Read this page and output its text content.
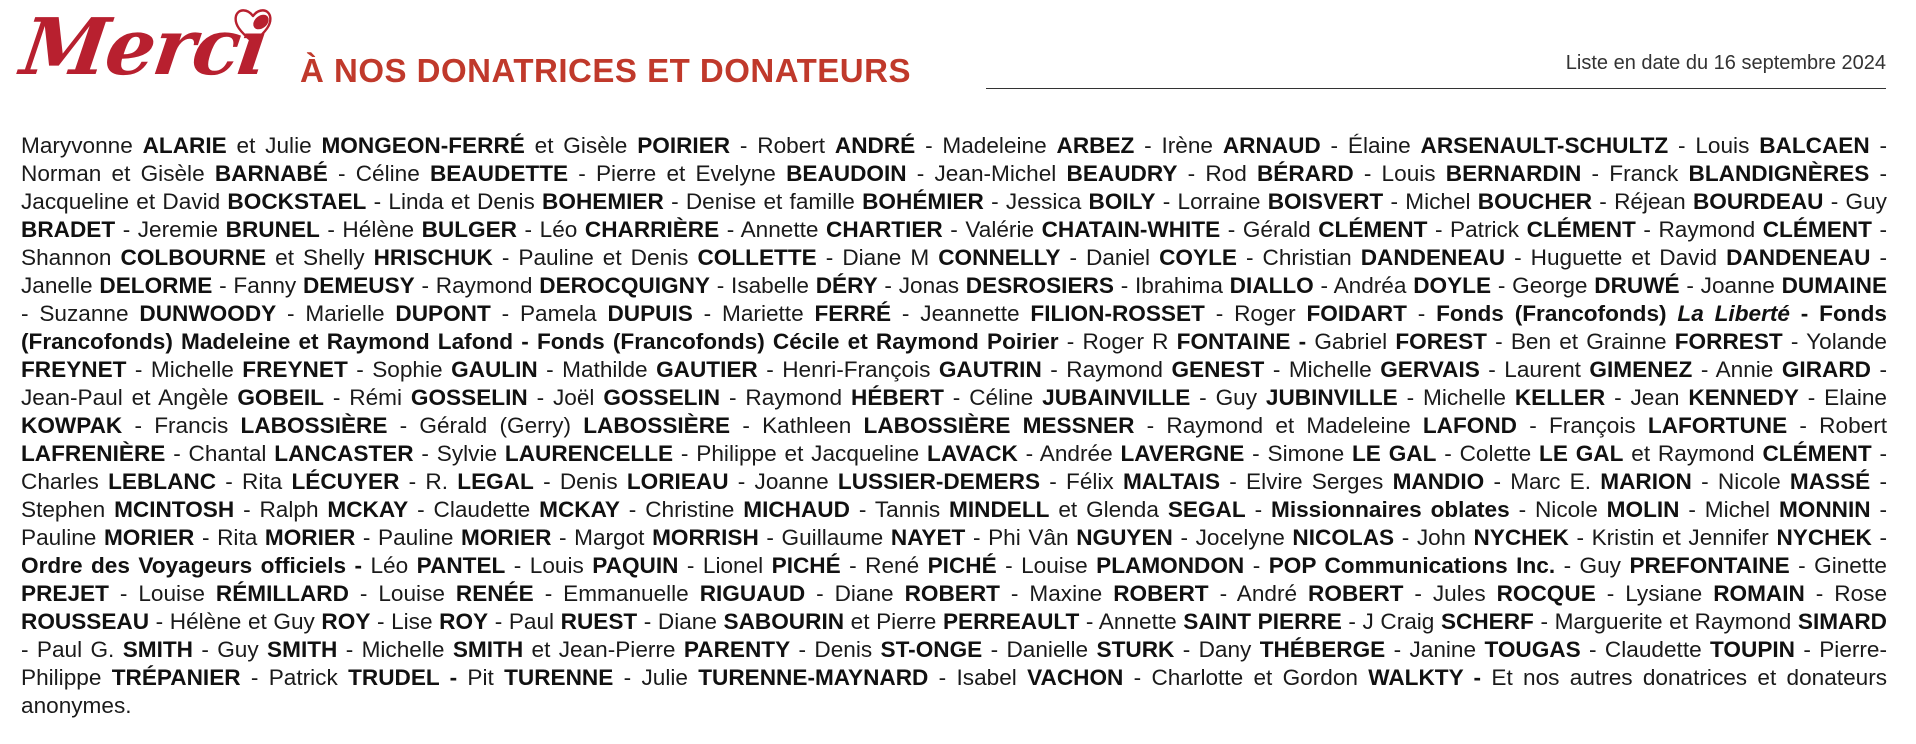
Merci À NOS DONATRICES ET DONATEURS	Liste en date du 16 septembre 2024
Maryvonne ALARIE et Julie MONGEON-FERRÉ et Gisèle POIRIER - Robert ANDRÉ - Madeleine ARBEZ - Irène ARNAUD - Élaine ARSENAULT-SCHULTZ - Louis BALCAEN - Norman et Gisèle BARNABÉ - Céline BEAUDETTE - Pierre et Evelyne BEAUDOIN - Jean-Michel BEAUDRY - Rod BÉRARD - Louis BERNARDIN - Franck BLANDIGNÈRES - Jacqueline et David BOCKSTAEL - Linda et Denis BOHEMIER - Denise et famille BOHÉMIER - Jessica BOILY - Lorraine BOISVERT - Michel BOUCHER - Réjean BOURDEAU - Guy BRADET - Jeremie BRUNEL - Hélène BULGER - Léo CHARRIÈRE - Annette CHARTIER - Valérie CHATAIN-WHITE - Gérald CLÉMENT - Patrick CLÉMENT - Raymond CLÉMENT - Shannon COLBOURNE et Shelly HRISCHUK - Pauline et Denis COLLETTE - Diane M CONNELLY - Daniel COYLE - Christian DANDENEAU - Huguette et David DANDENEAU - Janelle DELORME - Fanny DEMEUSY - Raymond DEROCQUIGNY - Isabelle DÉRY - Jonas DESROSIERS - Ibrahima DIALLO - Andréa DOYLE - George DRUWÉ - Joanne DUMAINE - Suzanne DUNWOODY - Marielle DUPONT - Pamela DUPUIS - Mariette FERRÉ - Jeannette FILION-ROSSET - Roger FOIDART - Fonds (Francofonds) La Liberté - Fonds (Francofonds) Madeleine et Raymond Lafond - Fonds (Francofonds) Cécile et Raymond Poirier - Roger R FONTAINE - Gabriel FOREST - Ben et Grainne FORREST - Yolande FREYNET - Michelle FREYNET - Sophie GAULIN - Mathilde GAUTIER - Henri-François GAUTRIN - Raymond GENEST - Michelle GERVAIS - Laurent GIMENEZ - Annie GIRARD - Jean-Paul et Angèle GOBEIL - Rémi GOSSELIN - Joël GOSSELIN - Raymond HÉBERT - Céline JUBAINVILLE - Guy JUBINVILLE - Michelle KELLER - Jean KENNEDY - Elaine KOWPAK - Francis LABOSSIÈRE - Gérald (Gerry) LABOSSIÈRE - Kathleen LABOSSIÈRE MESSNER - Raymond et Madeleine LAFOND - François LAFORTUNE - Robert LAFRENIÈRE - Chantal LANCASTER - Sylvie LAURENCELLE - Philippe et Jacqueline LAVACK - Andrée LAVERGNE - Simone LE GAL - Colette LE GAL et Raymond CLÉMENT - Charles LEBLANC - Rita LÉCUYER - R. LEGAL - Denis LORIEAU - Joanne LUSSIER-DEMERS - Félix MALTAIS - Elvire Serges MANDIO - Marc E. MARION - Nicole MASSÉ - Stephen MCINTOSH - Ralph MCKAY - Claudette MCKAY - Christine MICHAUD - Tannis MINDELL et Glenda SEGAL - Missionnaires oblates - Nicole MOLIN - Michel MONNIN - Pauline MORIER - Rita MORIER - Pauline MORIER - Margot MORRISH - Guillaume NAYET - Phi Vân NGUYEN - Jocelyne NICOLAS - John NYCHEK - Kristin et Jennifer NYCHEK - Ordre des Voyageurs officiels - Léo PANTEL - Louis PAQUIN - Lionel PICHÉ - René PICHÉ - Louise PLAMONDON - POP Communications Inc. - Guy PREFONTAINE - Ginette PREJET - Louise RÉMILLARD - Louise RENÉE - Emmanuelle RIGUAUD - Diane ROBERT - Maxine ROBERT - André ROBERT - Jules ROCQUE - Lysiane ROMAIN - Rose ROUSSEAU - Hélène et Guy ROY - Lise ROY - Paul RUEST - Diane SABOURIN et Pierre PERREAULT - Annette SAINT PIERRE - J Craig SCHERF - Marguerite et Raymond SIMARD - Paul G. SMITH - Guy SMITH - Michelle SMITH et Jean-Pierre PARENTY - Denis ST-ONGE - Danielle STURK - Dany THÉBERGE - Janine TOUGAS - Claudette TOUPIN - Pierre-Philippe TRÉPANIER - Patrick TRUDEL - Pit TURENNE - Julie TURENNE-MAYNARD - Isabel VACHON - Charlotte et Gordon WALKTY - Et nos autres donatrices et donateurs anonymes.
